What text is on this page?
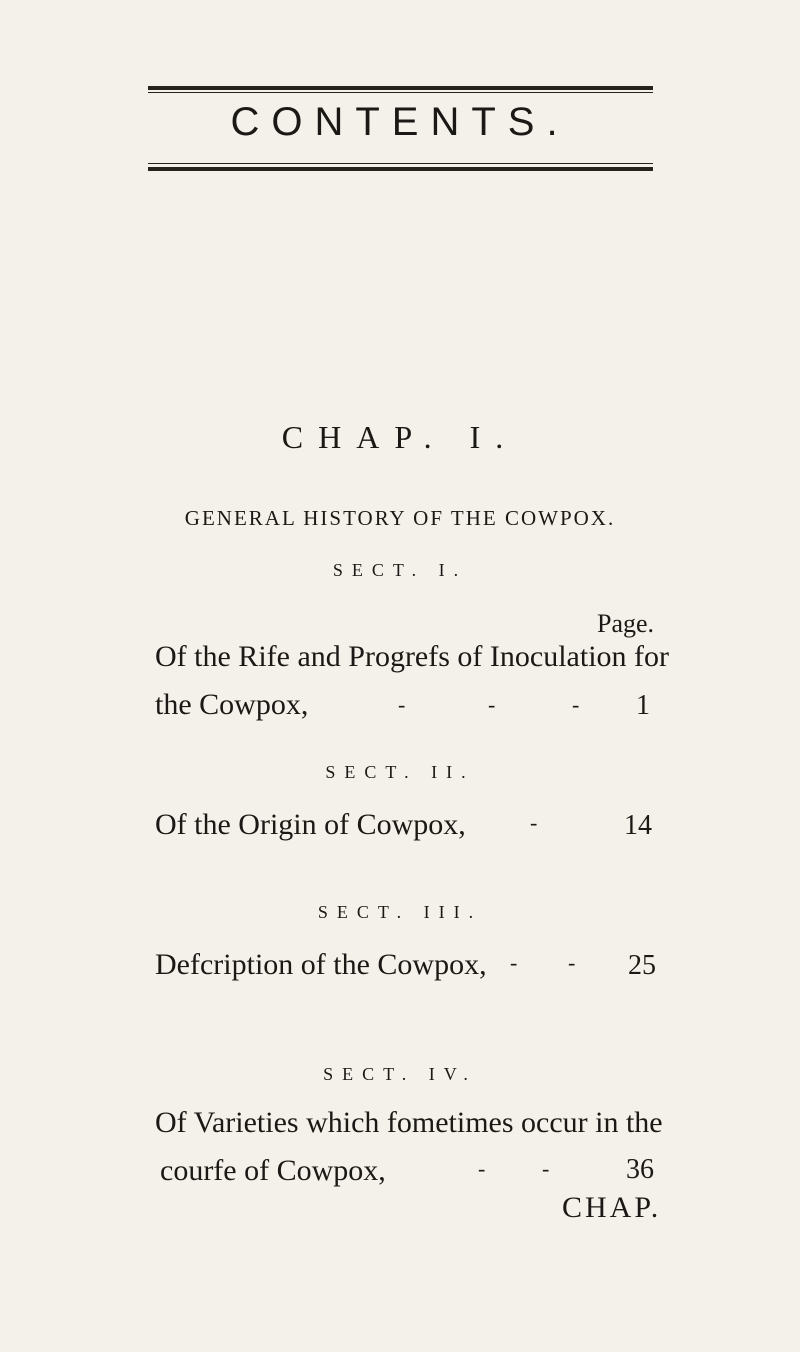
CONTENTS.
CHAP. I.
GENERAL HISTORY OF THE COWPOX.
SECT. I.
Page.
Of the Rife and Progrefs of Inoculation for
the Cowpox,	-	-	-	1
SECT. II.
Of the Origin of Cowpox,	-	14
SECT. III.
Defcription of the Cowpox, - -	25
SECT. IV.
Of Varieties which fometimes occur in the
courfe of Cowpox,	-	-	36
CHAP.
